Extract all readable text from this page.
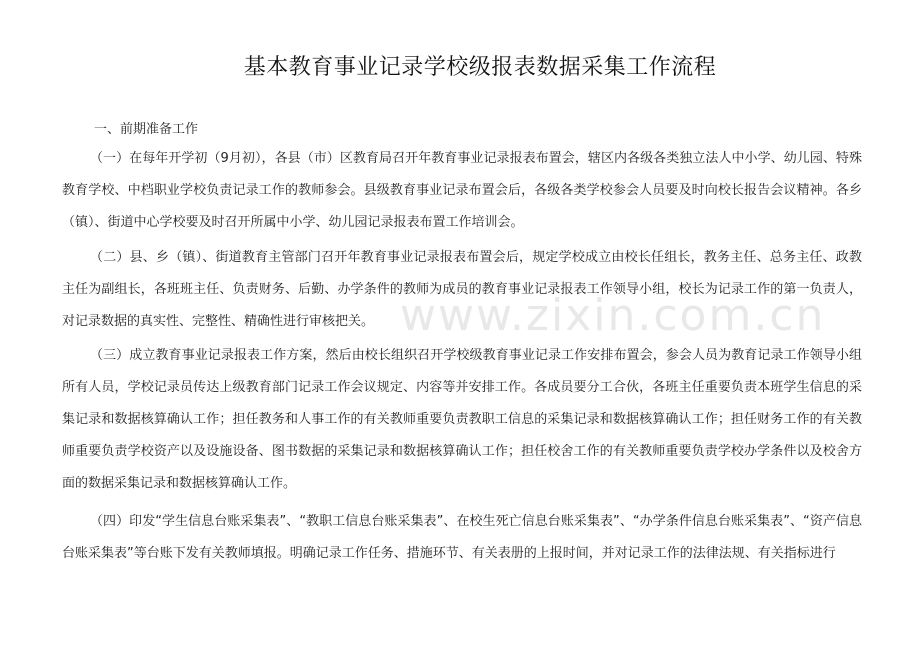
www.zixin.com.cn
基本教育事业记录学校级报表数据采集工作流程
一、前期准备工作
（一）在每年开学初（9月初），各县（市）区教育局召开年教育事业记录报表布置会，辖区内各级各类独立法人中小学、幼儿园、特殊教育学校、中档职业学校负责记录工作的教师参会。县级教育事业记录布置会后，各级各类学校参会人员要及时向校长报告会议精神。各乡（镇）、街道中心学校要及时召开所属中小学、幼儿园记录报表布置工作培训会。
（二）县、乡（镇）、街道教育主管部门召开年教育事业记录报表布置会后，规定学校成立由校长任组长，教务主任、总务主任、政教主任为副组长，各班班主任、负责财务、后勤、办学条件的教师为成员的教育事业记录报表工作领导小组，校长为记录工作的第一负责人，对记录数据的真实性、完整性、精确性进行审核把关。
（三）成立教育事业记录报表工作方案，然后由校长组织召开学校级教育事业记录工作安排布置会，参会人员为教育记录工作领导小组所有人员，学校记录员传达上级教育部门记录工作会议规定、内容等并安排工作。各成员要分工合伙，各班主任重要负责本班学生信息的采集记录和数据核算确认工作；担任教务和人事工作的有关教师重要负责教职工信息的采集记录和数据核算确认工作；担任财务工作的有关教师重要负责学校资产以及设施设备、图书数据的采集记录和数据核算确认工作；担任校舍工作的有关教师重要负责学校办学条件以及校舍方面的数据采集记录和数据核算确认工作。
（四）印发“学生信息台账采集表”、“教职工信息台账采集表”、在校生死亡信息台账采集表”、“办学条件信息台账采集表”、“资产信息台账采集表”等台账下发有关教师填报。明确记录工作任务、措施环节、有关表册的上报时间，并对记录工作的法律法规、有关指标进行
